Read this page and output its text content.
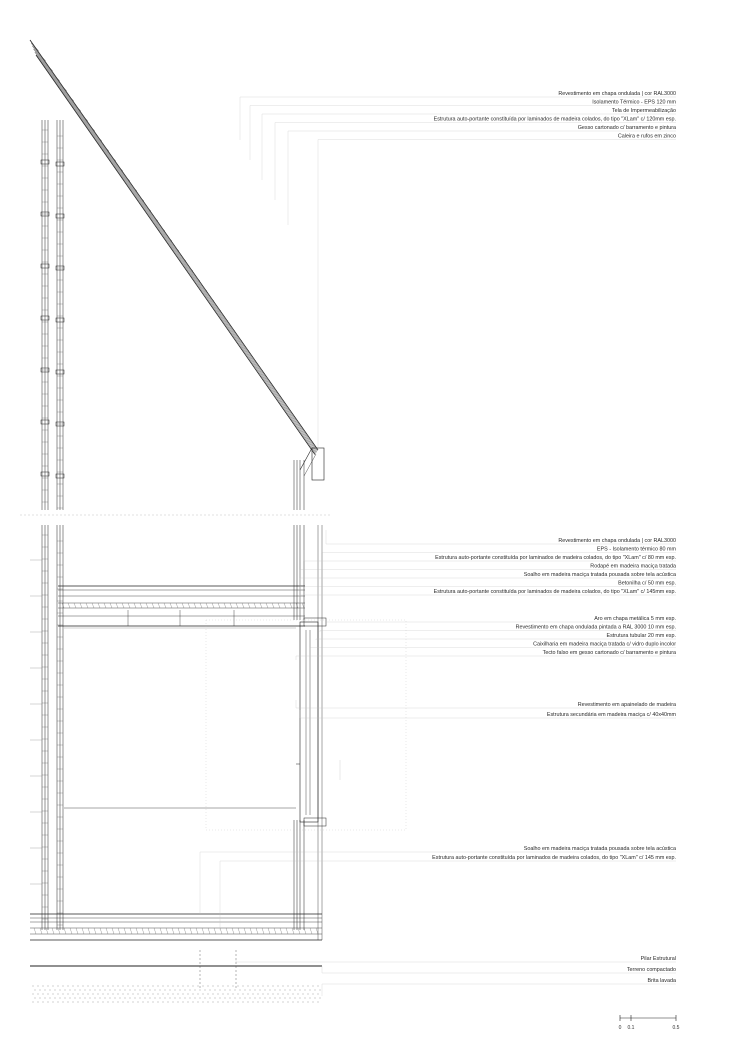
Revestimento em chapa ondulada | cor RAL3000
Isolamento Térmico - EPS 120 mm
Tela de Impermeabilização
Estrutura auto-portante constituída por laminados de madeira colados, do tipo "XLam" c/ 120mm esp.
Gesso cartonado c/ barramento e pintura
Caleira e rufos em zinco
Revestimento em chapa ondulada | cor RAL3000
EPS - Isolamento térmico 80 mm
Estrutura auto-portante constituída por laminados de madeira colados, do tipo "XLam" c/ 80 mm esp.
Rodapé em madeira maciça tratada
Soalho em madeira maciça tratada pousada sobre tela acústica
Betonilha c/ 50 mm esp.
Estrutura auto-portante constituída por laminados de madeira colados, do tipo "XLam" c/ 145mm esp.
Aro em chapa metálica 5 mm esp.
Revestimento em chapa ondulada pintada a RAL 3000 10 mm esp.
Estrutura tubular 20 mm esp.
Caixilharia em madeira maciça tratada c/ vidro duplo incolor
Tecto falso em gesso cartonado c/ barramento e pintura
Revestimento em apainelado de madeira
Estrutura secundária em madeira maciça c/ 40x40mm
Soalho em madeira maciça tratada pousada sobre tela acústica
Estrutura auto-portante constituída por laminados de madeira colados, do tipo "XLam" c/ 145 mm esp.
Pilar Estrutural
Terreno compactado
Brita lavada
0 0.1	0.5
